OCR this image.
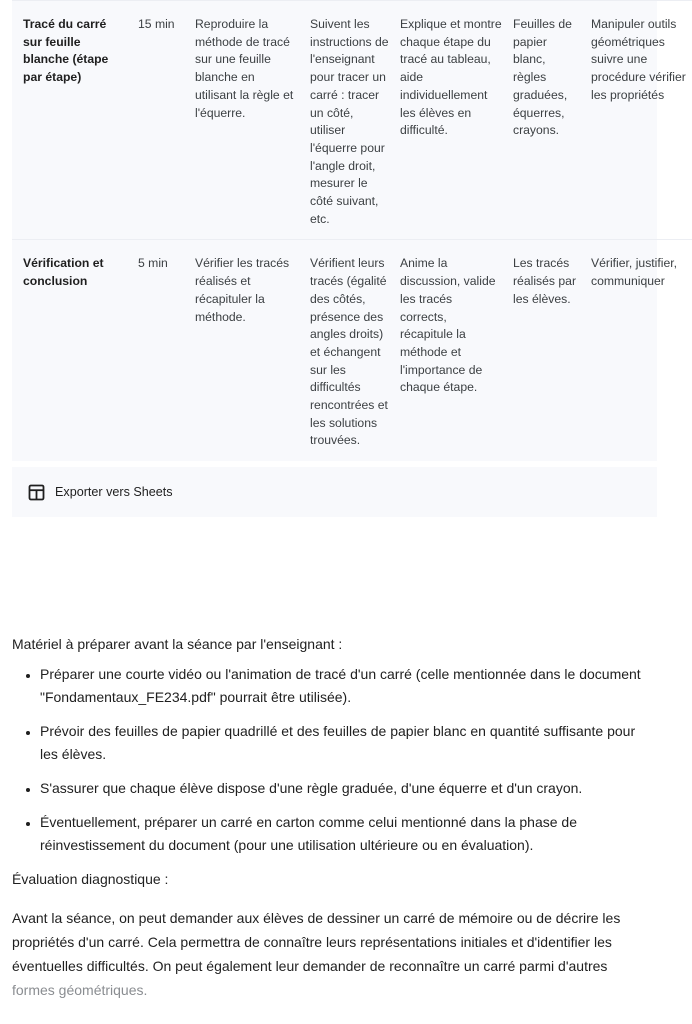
Tracé du carré sur feuille blanche (étape par étape)	15 min	Reproduire la méthode de tracé sur une feuille blanche en utilisant la règle et l'équerre.	Suivent les instructions de l'enseignant pour tracer un carré : tracer un côté, utiliser l'équerre pour l'angle droit, mesurer le côté suivant, etc.	Explique et montre chaque étape du tracé au tableau, aide individuellement les élèves en difficulté.	Feuilles de papier blanc, règles graduées, équerres, crayons.	Manipuler outils géométriques suivre une procédure vérifier les propriétés
Vérification et conclusion	5 min	Vérifier les tracés réalisés et récapituler la méthode.	Vérifient leurs tracés (égalité des côtés, présence des angles droits) et échangent sur les difficultés rencontrées et les solutions trouvées.	Anime la discussion, valide les tracés corrects, récapitule la méthode et l'importance de chaque étape.	Les tracés réalisés par les élèves.	Vérifier, justifier, communiquer
Exporter vers Sheets

Matériel à préparer avant la séance par l'enseignant :

• Préparer une courte vidéo ou l'animation de tracé d'un carré (celle mentionnée dans le document "Fondamentaux_FE234.pdf" pourrait être utilisée).
• Prévoir des feuilles de papier quadrillé et des feuilles de papier blanc en quantité suffisante pour les élèves.
• S'assurer que chaque élève dispose d'une règle graduée, d'une équerre et d'un crayon.
• Éventuellement, préparer un carré en carton comme celui mentionné dans la phase de réinvestissement du document (pour une utilisation ultérieure ou en évaluation).

Évaluation diagnostique :

Avant la séance, on peut demander aux élèves de dessiner un carré de mémoire ou de décrire les propriétés d'un carré. Cela permettra de connaître leurs représentations initiales et d'identifier les éventuelles difficultés. On peut également leur demander de reconnaître un carré parmi d'autres formes géométriques.
